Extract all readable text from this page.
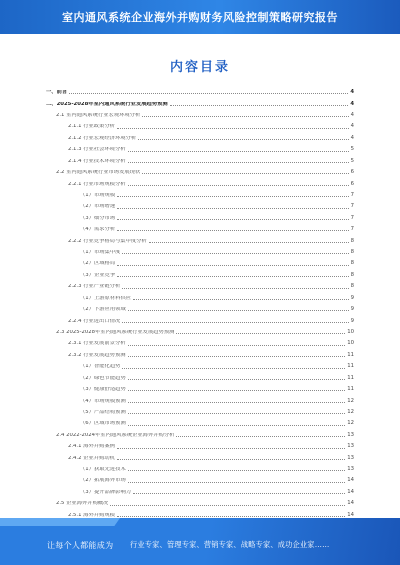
室内通风系统企业海外并购财务风险控制策略研究报告
内容目录
一、前言	4
二、2025-2028年室内通风系统行业发展趋势预测	4
2.1 室内通风系统行业宏观环境分析	4
2.1.1 行业政策分析	4
2.1.2 行业宏观经济环境分析	4
2.1.3 行业社会环境分析	5
2.1.4 行业技术环境分析	5
2.2 室内通风系统行业市场发展现状	6
2.2.1 行业市场规模分析	6
（1）市场规模	7
（2）市场增速	7
（3）细分市场	7
（4）需求分析	7
2.2.2 行业竞争格局与集中度分析	8
（1）市场集中度	8
（2）区域格局	8
（3）企业竞争	8
2.2.3 行业产业链分析	8
（1）上游原材料供应	9
（2）下游应用领域	9
2.2.4 行业进出口情况	9
2.3 2025-2028年室内通风系统行业发展趋势预测	10
2.3.1 行业发展前景分析	10
2.3.2 行业发展趋势预测	11
（1）智能化趋势	11
（2）绿色节能趋势	11
（3）健康舒适趋势	11
（4）市场规模预测	12
（5）产品结构预测	12
（6）区域市场预测	12
2.4 2022-2024年室内通风系统企业海外并购分析	13
2.4.1 海外并购案例	13
2.4.2 企业并购动机	13
（1）获取先进技术	13
（2）拓展海外市场	14
（3）提升品牌影响力	14
2.5 企业海外并购概况	14
2.5.1 海外并购规模	14
让每个人都能成为 行业专家、管理专家、营销专家、战略专家、成功企业家……
